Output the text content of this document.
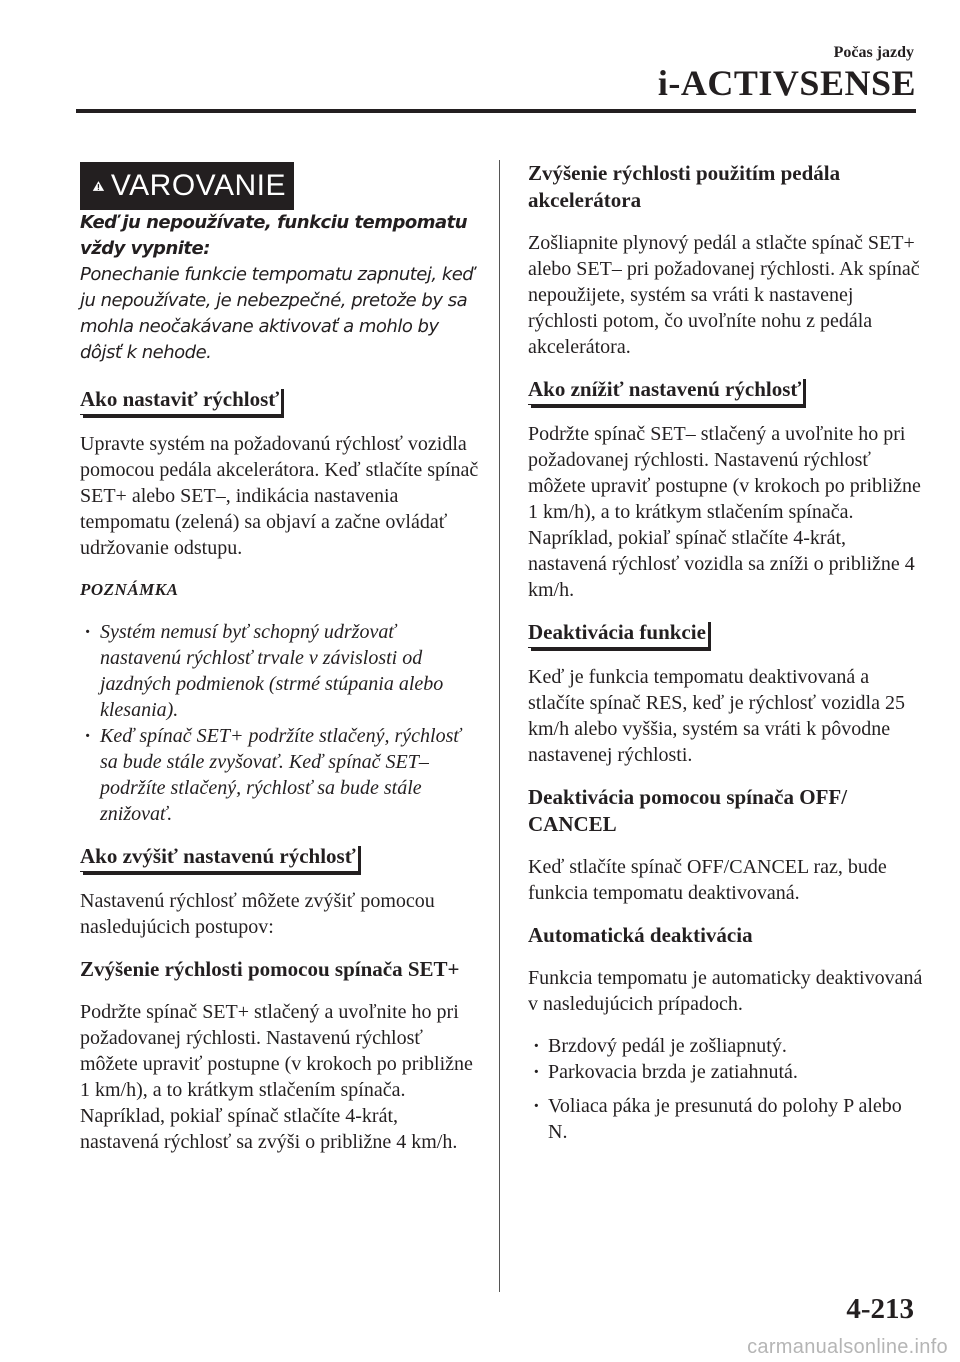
Počas jazdy
i-ACTIVSENSE
VAROVANIE

Keď ju nepoužívate, funkciu tempomatu vždy vypnite:

Ponechanie funkcie tempomatu zapnutej, keď ju nepoužívate, je nebezpečné, pretože by sa mohla neočakávane aktivovať a mohlo by dôjsť k nehode.

Ako nastaviť rýchlosť

Upravte systém na požadovanú rýchlosť vozidla pomocou pedála akcelerátora. Keď stlačíte spínač SET+ alebo SET–, indikácia nastavenia tempomatu (zelená) sa objaví a začne ovládať udržovanie odstupu.

POZNÁMKA

· Systém nemusí byť schopný udržovať nastavenú rýchlosť trvale v závislosti od jazdných podmienok (strmé stúpania alebo klesania).

· Keď spínač SET+ podržíte stlačený, rýchlosť sa bude stále zvyšovať. Keď spínač SET– podržíte stlačený, rýchlosť sa bude stále znižovať.

Ako zvýšiť nastavenú rýchlosť

Nastavenú rýchlosť môžete zvýšiť pomocou nasledujúcich postupov:

Zvýšenie rýchlosti pomocou spínača SET+

Podržte spínač SET+ stlačený a uvoľnite ho pri požadovanej rýchlosti. Nastavenú rýchlosť môžete upraviť postupne (v krokoch po približne 1 km/h), a to krátkym stlačením spínača. Napríklad, pokiaľ spínač stlačíte 4-krát, nastavená rýchlosť sa zvýši o približne 4 km/h.

Zvýšenie rýchlosti použitím pedála akcelerátora

Zošliapnite plynový pedál a stlačte spínač SET+ alebo SET– pri požadovanej rýchlosti. Ak spínač nepoužijete, systém sa vráti k nastavenej rýchlosti potom, čo uvoľníte nohu z pedála akcelerátora.

Ako znížiť nastavenú rýchlosť

Podržte spínač SET– stlačený a uvoľnite ho pri požadovanej rýchlosti. Nastavenú rýchlosť môžete upraviť postupne (v krokoch po približne 1 km/h), a to krátkym stlačením spínača. Napríklad, pokiaľ spínač stlačíte 4-krát, nastavená rýchlosť vozidla sa zníži o približne 4 km/h.

Deaktivácia funkcie

Keď je funkcia tempomatu deaktivovaná a stlačíte spínač RES, keď je rýchlosť vozidla 25 km/h alebo vyššia, systém sa vráti k pôvodne nastavenej rýchlosti.

Deaktivácia pomocou spínača OFF/ CANCEL

Keď stlačíte spínač OFF/CANCEL raz, bude funkcia tempomatu deaktivovaná.

Automatická deaktivácia

Funkcia tempomatu je automaticky deaktivovaná v nasledujúcich prípadoch.

· Brzdový pedál je zošliapnutý.

· Parkovacia brzda je zatiahnutá.

· Voliaca páka je presunutá do polohy P alebo N.

4-213
carmanualsonline.info
